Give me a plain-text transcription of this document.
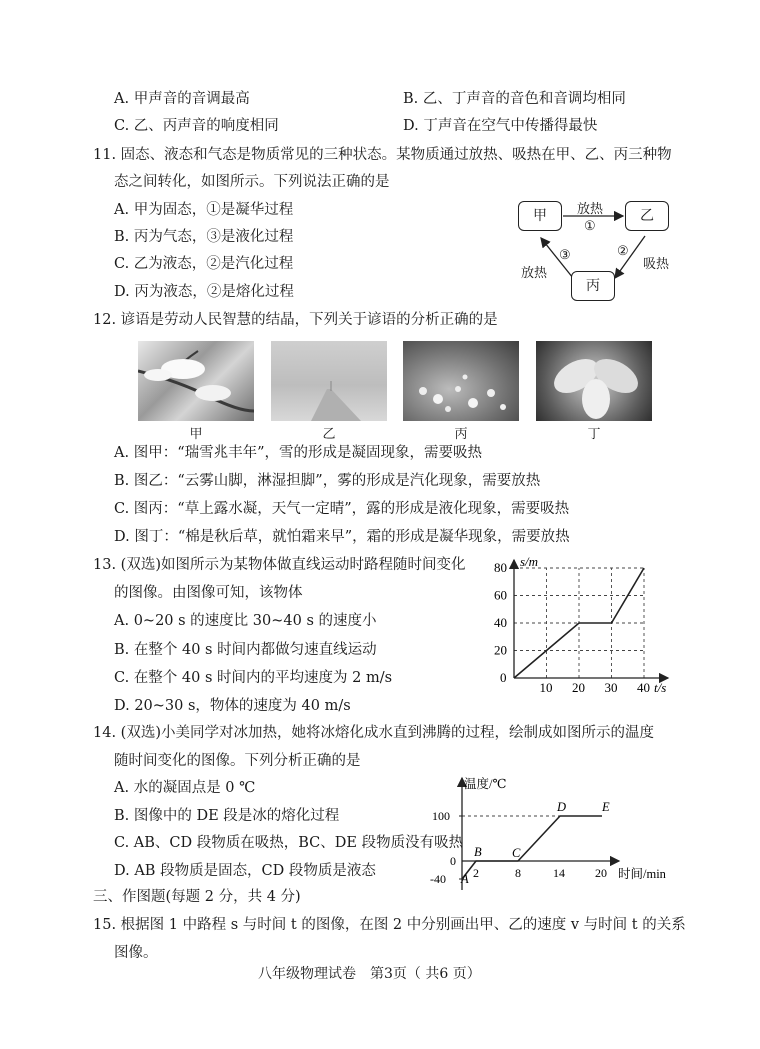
A. 甲声音的音调最高	B. 乙、丁声音的音色和音调均相同
C. 乙、丙声音的响度相同	D. 丁声音在空气中传播得最快
11. 固态、液态和气态是物质常见的三种状态。某物质通过放热、吸热在甲、乙、丙三种物
态之间转化，如图所示。下列说法正确的是
A. 甲为固态，①是凝华过程
B. 丙为气态，③是液化过程
C. 乙为液态，②是汽化过程
D. 丙为液态，②是熔化过程
甲	乙
丙
放热
①
②
吸热
③
放热
12. 谚语是劳动人民智慧的结晶，下列关于谚语的分析正确的是
甲	乙	丙	丁
A. 图甲：“瑞雪兆丰年”，雪的形成是凝固现象，需要吸热
B. 图乙：“云雾山脚，淋湿担脚”，雾的形成是汽化现象，需要放热
C. 图丙：“草上露水凝，天气一定晴”，露的形成是液化现象，需要吸热
D. 图丁：“棉是秋后草，就怕霜来早”，霜的形成是凝华现象，需要放热
13. (双选)如图所示为某物体做直线运动时路程随时间变化
的图像。由图像可知，该物体
A. 0~20 s 的速度比 30~40 s 的速度小
B. 在整个 40 s 时间内都做匀速直线运动
C. 在整个 40 s 时间内的平均速度为 2 m/s
D. 20~30 s，物体的速度为 40 m/s
10 20 30 40
20
40
60
80
0
s/m
t/s
14. (双选)小美同学对冰加热，她将冰熔化成水直到沸腾的过程，绘制成如图所示的温度
随时间变化的图像。下列分析正确的是
A. 水的凝固点是 0 ℃
B. 图像中的 DE 段是冰的熔化过程
C. AB、CD 段物质在吸热，BC、DE 段物质没有吸热
D. AB 段物质是固态，CD 段物质是液态	2	8	14	20
-40
100
A
B C
D	E
0
温度/℃
时间/min
三、作图题(每题 2 分，共 4 分)
15. 根据图 1 中路程 s 与时间 t 的图像，在图 2 中分别画出甲、乙的速度 v 与时间 t 的关系
图像。
八年级物理试卷　第3页（ 共6 页）
